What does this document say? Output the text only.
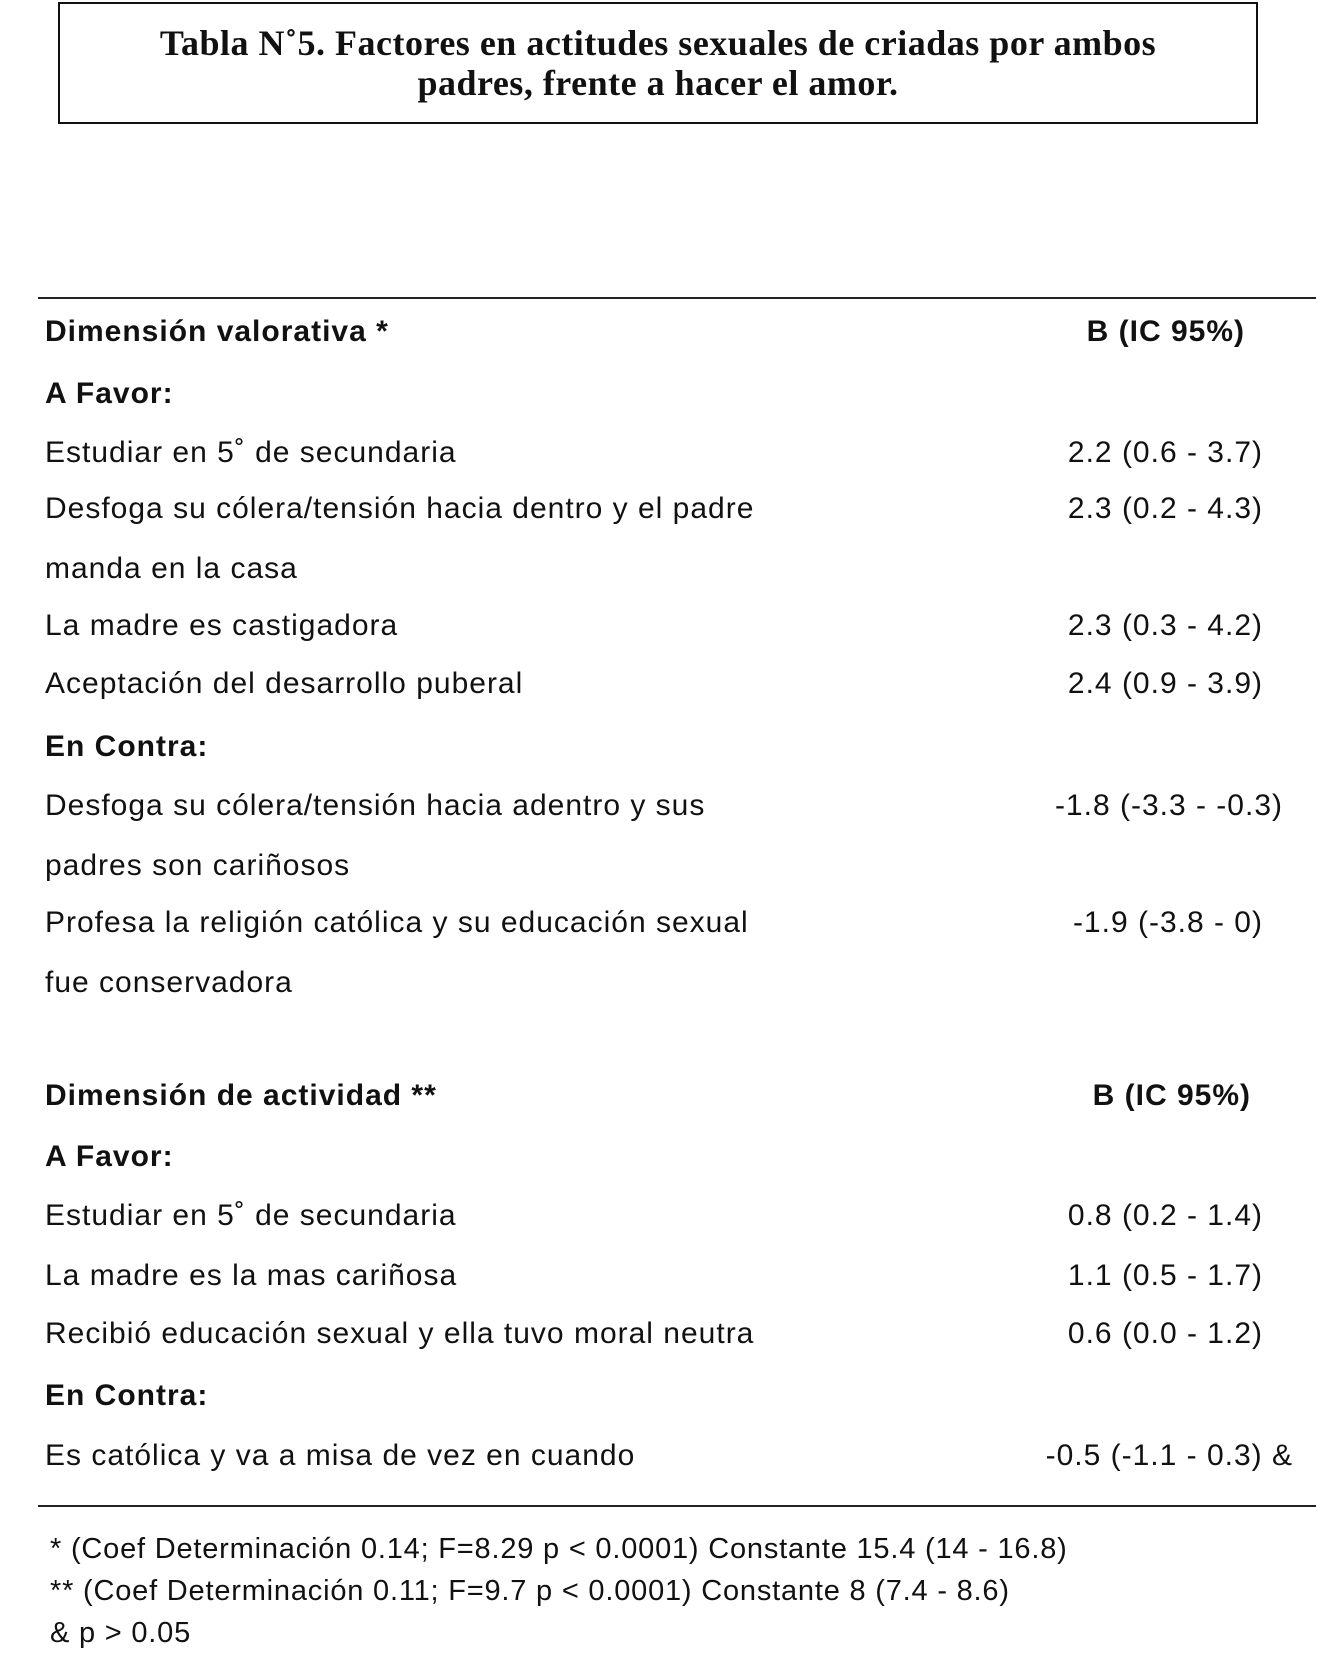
Tabla N˚5. Factores en actitudes sexuales de criadas por ambos padres, frente a hacer el amor.
Dimensión valorativa *	B (IC 95%)
A Favor:
Estudiar en 5˚ de secundaria	2.2 (0.6 - 3.7)
Desfoga su cólera/tensión hacia dentro y el padre	2.3 (0.2 - 4.3)
manda en la casa
La madre es castigadora	2.3 (0.3 - 4.2)
Aceptación del desarrollo puberal	2.4 (0.9 - 3.9)
En Contra:
Desfoga su cólera/tensión hacia adentro y sus	-1.8 (-3.3 - -0.3)
padres son cariñosos
Profesa la religión católica y su educación sexual	-1.9 (-3.8 - 0)
fue conservadora
Dimensión de actividad **	B (IC 95%)
A Favor:
Estudiar en 5˚ de secundaria	0.8 (0.2 - 1.4)
La madre es la mas cariñosa	1.1 (0.5 - 1.7)
Recibió educación sexual y ella tuvo moral neutra	0.6 (0.0 - 1.2)
En Contra:
Es católica y va a misa de vez en cuando	-0.5 (-1.1 - 0.3) &
* (Coef Determinación 0.14; F=8.29 p < 0.0001) Constante 15.4 (14 - 16.8)
** (Coef Determinación 0.11; F=9.7 p < 0.0001) Constante 8 (7.4 - 8.6)
& p > 0.05
